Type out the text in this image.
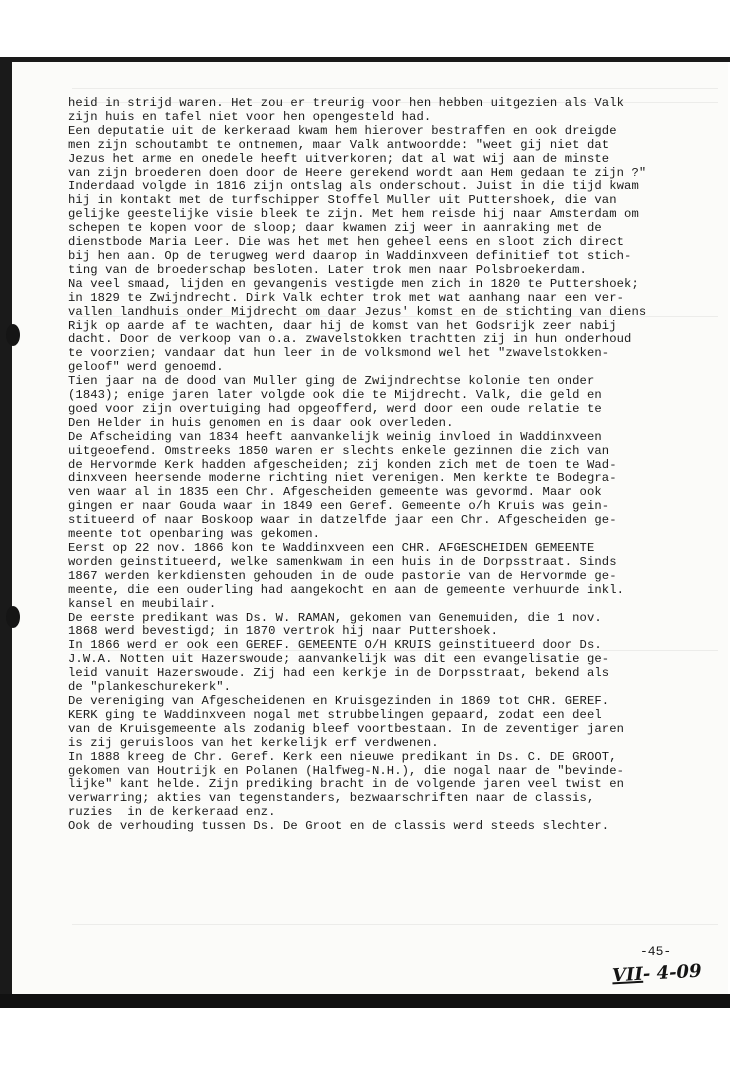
heid in strijd waren. Het zou er treurig voor hen hebben uitgezien als Valk
zijn huis en tafel niet voor hen opengesteld had.
Een deputatie uit de kerkeraad kwam hem hierover bestraffen en ook dreigde
men zijn schoutambt te ontnemen, maar Valk antwoordde: "weet gij niet dat
Jezus het arme en onedele heeft uitverkoren; dat al wat wij aan de minste
van zijn broederen doen door de Heere gerekend wordt aan Hem gedaan te zijn ?"
Inderdaad volgde in 1816 zijn ontslag als onderschout. Juist in die tijd kwam
hij in kontakt met de turfschipper Stoffel Muller uit Puttershoek, die van
gelijke geestelijke visie bleek te zijn. Met hem reisde hij naar Amsterdam om
schepen te kopen voor de sloop; daar kwamen zij weer in aanraking met de
dienstbode Maria Leer. Die was het met hen geheel eens en sloot zich direct
bij hen aan. Op de terugweg werd daarop in Waddinxveen definitief tot stich-
ting van de broederschap besloten. Later trok men naar Polsbroekerdam.
Na veel smaad, lijden en gevangenis vestigde men zich in 1820 te Puttershoek;
in 1829 te Zwijndrecht. Dirk Valk echter trok met wat aanhang naar een ver-
vallen landhuis onder Mijdrecht om daar Jezus' komst en de stichting van diens
Rijk op aarde af te wachten, daar hij de komst van het Godsrijk zeer nabij
dacht. Door de verkoop van o.a. zwavelstokken trachtten zij in hun onderhoud
te voorzien; vandaar dat hun leer in de volksmond wel het "zwavelstokken-
geloof" werd genoemd.
Tien jaar na de dood van Muller ging de Zwijndrechtse kolonie ten onder
(1843); enige jaren later volgde ook die te Mijdrecht. Valk, die geld en
goed voor zijn overtuiging had opgeofferd, werd door een oude relatie te
Den Helder in huis genomen en is daar ook overleden.
De Afscheiding van 1834 heeft aanvankelijk weinig invloed in Waddinxveen
uitgeoefend. Omstreeks 1850 waren er slechts enkele gezinnen die zich van
de Hervormde Kerk hadden afgescheiden; zij konden zich met de toen te Wad-
dinxveen heersende moderne richting niet verenigen. Men kerkte te Bodegra-
ven waar al in 1835 een Chr. Afgescheiden gemeente was gevormd. Maar ook
gingen er naar Gouda waar in 1849 een Geref. Gemeente o/h Kruis was gein-
stitueerd of naar Boskoop waar in datzelfde jaar een Chr. Afgescheiden ge-
meente tot openbaring was gekomen.
Eerst op 22 nov. 1866 kon te Waddinxveen een CHR. AFGESCHEIDEN GEMEENTE
worden geinstitueerd, welke samenkwam in een huis in de Dorpsstraat. Sinds
1867 werden kerkdiensten gehouden in de oude pastorie van de Hervormde ge-
meente, die een ouderling had aangekocht en aan de gemeente verhuurde inkl.
kansel en meubilair.
De eerste predikant was Ds. W. RAMAN, gekomen van Genemuiden, die 1 nov.
1868 werd bevestigd; in 1870 vertrok hij naar Puttershoek.
In 1866 werd er ook een GEREF. GEMEENTE O/H KRUIS geinstitueerd door Ds.
J.W.A. Notten uit Hazerswoude; aanvankelijk was dit een evangelisatie ge-
leid vanuit Hazerswoude. Zij had een kerkje in de Dorpsstraat, bekend als
de "plankeschurekerk".
De vereniging van Afgescheidenen en Kruisgezinden in 1869 tot CHR. GEREF.
KERK ging te Waddinxveen nogal met strubbelingen gepaard, zodat een deel
van de Kruisgemeente als zodanig bleef voortbestaan. In de zeventiger jaren
is zij geruisloos van het kerkelijk erf verdwenen.
In 1888 kreeg de Chr. Geref. Kerk een nieuwe predikant in Ds. C. DE GROOT,
gekomen van Houtrijk en Polanen (Halfweg-N.H.), die nogal naar de "bevinde-
lijke" kant helde. Zijn prediking bracht in de volgende jaren veel twist en
verwarring; akties van tegenstanders, bezwaarschriften naar de classis,
ruzies  in de kerkeraad enz.
Ook de verhouding tussen Ds. De Groot en de classis werd steeds slechter.
-45-
VII- 4-09
